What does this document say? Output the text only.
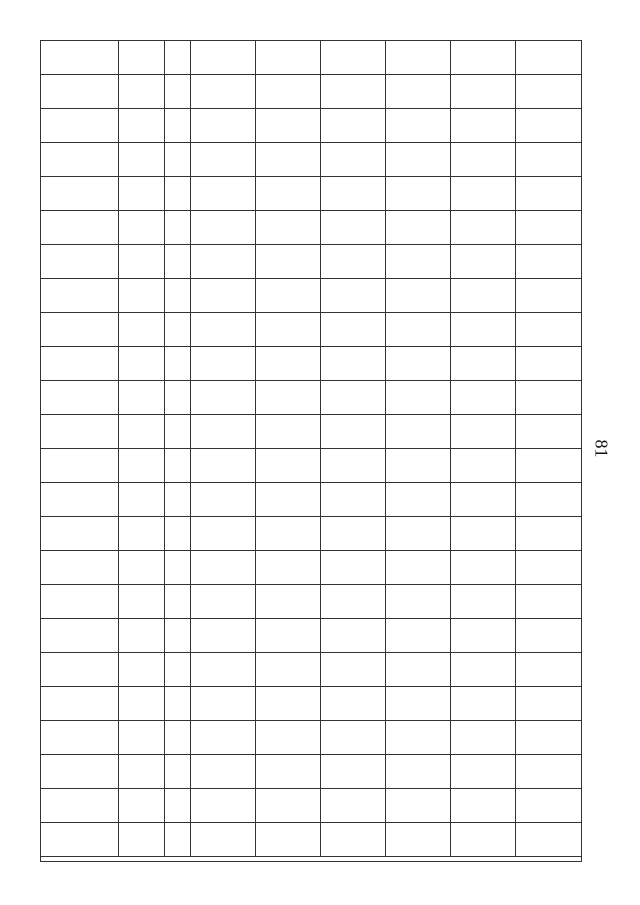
81
